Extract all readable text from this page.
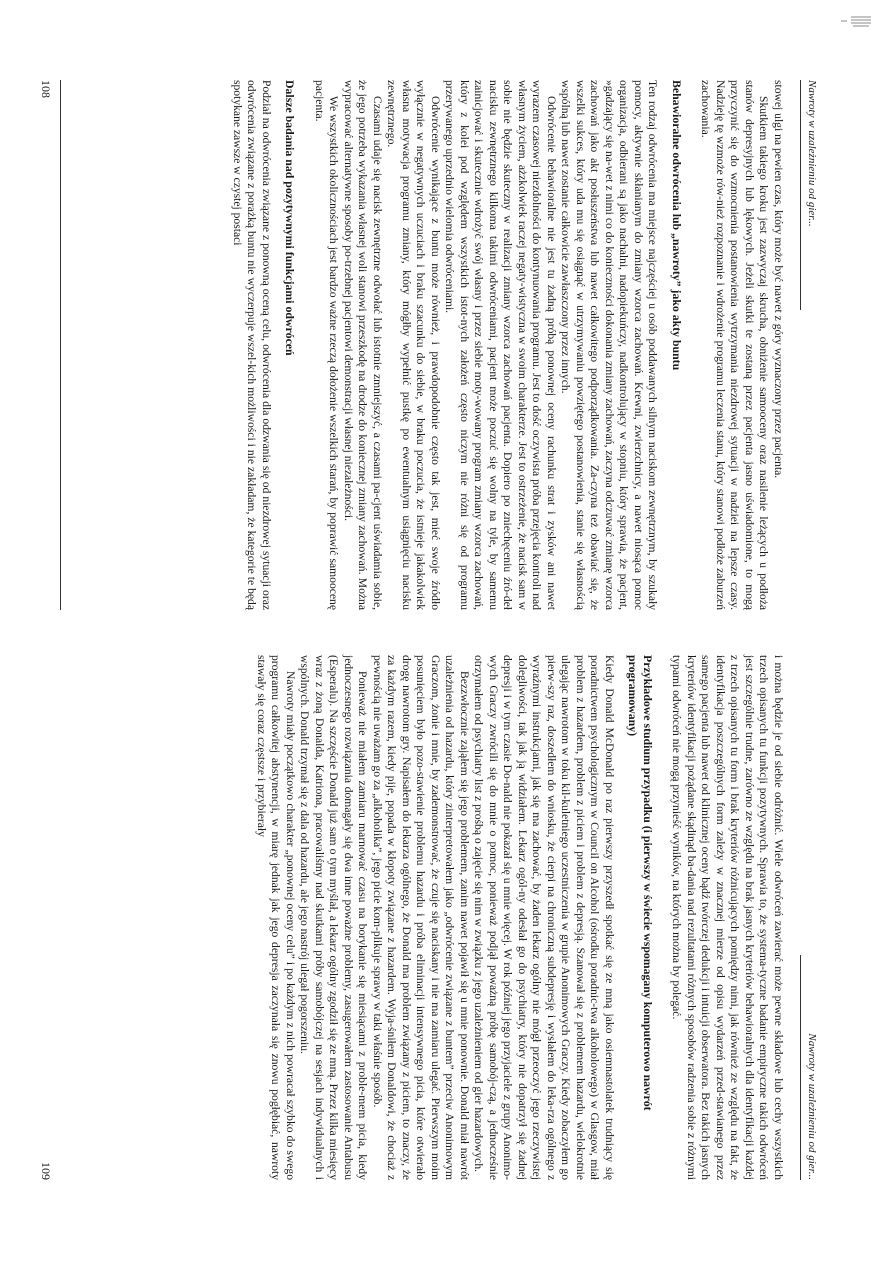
Nawroty w uzależnieniu od gier...

stowej ulgi na pewien czas, który może być nawet z góry wyznaczony przez pacjenta.

Skutkiem takiego kroku jest zazwyczaj skrucha, obniżenie samooceny oraz nasilenie leżących u podłoża stanów depresyjnych lub lękowych. Jeżeli skutki te zostaną przez pacjenta jasno uświadomione, to mogą przyczynić się do wzmocnienia postanowienia wytrzymania niezdrowej sytuacji w nadziei na lepsze czasy. Nadzieję tę wzmoże rów-nież rozpoznanie i wdrożenie programu leczenia stanu, który stanowi podłoże zaburzeń zachowania.

Behawioralne odwrócenia lub „nawroty” jako akty buntu

Ten rodzaj odwrócenia ma miejsce najczęściej u osób poddawanych silnym naciskom zewnętrznym, by szukały pomocy, aktywnie skłanianym do zmiany wzorca zachowań. Krewni, zwierzchnicy, a nawet niosąca pomoc organizacja, odbierani są jako nachalni, nadopiekuńczy, nadkontrolujący w stopniu, który sprawia, że pacjent, »gadzający się na-wet z nimi co do konieczności dokonania zmiany zachowań, zaczyna odczuwać zmianę wzorca zachowań jako akt posłuszeństwa lub nawet całkowitego podporządkowania. Za-czyna też obawiać się, że wszelki sukces, który uda mu się osiągnąć w utrzymywaniu powziętego postanowienia, stanie się własnością wspólną lub nawet zostanie całkowicie zawłaszczony przez innych.

Odwrócenie behawioralne nie jest tu żadną próbą ponownej oceny rachunku strat i zysków ani nawet wyrazem czasowej niezdolności do kontynuowania programu. Jest to dość oczywista próba przejęcia kontroli nad własnym życiem, ażzkolwiek raczej negaty-wistyczna w swoim charakterze. Jest to ostrzeżenie, że nacisk sam w sobie nie będzie skuteczny w realizacji zmiany wzorca zachowań pacjenta. Dopiero po zniechęceniu źró-deł nacisku zewnętrznego kilkoma takimi odwróceniami, pacjent może poczuć się wolny na tyle, by samemu zainicjować i skutecznie wdrożyć swój własny i przez siebie moty-wowany program zmiany wzorca zachowań, który z kolei pod względem wszystkich istot-nych założeń często niczym nie różni się od programu przerywanego uprzednio wielomia odwróceniami.

Odwrócenie wynikające z buntu może również, i prawdopodobnie często tak jest, mieć swoje źródło wyłącznie w negatywnych uczuciach i braku szacunku do siebie, w braku poczucia, że istnieje jakakolwiek własna motywacja programu zmiany, który mógłby wypełnić pustkę po ewentualnym usiągnięciu nacisku zewnętrznego.

Czasami udaje się nacisk zewnętrzne odwołać lub istotnie zmniejszyć, a czasami pa-cjent uświadamia sobie, że jego potrzeba wykazania własnej woli stanowi przeszkodę na drodze do koniecznej zmiany zachowań. Można wypracować alternatywne sposoby po-trzebnej pacjentowi demonstracji własnej niezależności.

We wszystkich okolicznościach jest bardzo ważne rzeczą dołożenie wszelkich starań, by poprawić samoocenę pacjenta.

Dalsze badania nad pozytywnymi funkcjami odwróceń

Podział na odwrócenia związane z ponowną oceną celu, odwrócenia dla odzwania się od niezdrowej sytuacji oraz odwrócenia związane z porażką buntu nie wyczerpuje wszel-kich możliwości i nie zakładam, że kategorie te będą spotykane zawsze w czystej postaci

108
Nawroty w uzależnieniu od gier...

i można będzie je od siebie odróżnić. Wiele odwróceń zawierać może pewne składowe lub cechy wszystkich trzech opisanych tu funkcji pozytywnych. Sprawia to, że systema-tyczne badanie empiryczne takich odwróceń jest szczególnie trudne, zarówno ze względu na brak jasnych kryteriów behawioralnych dla identyfikacji każdej z trzech opisanych tu form i brak kryteriów różnicujących pomiędzy nimi, jak również ze względu na fakt, że identyfikacja poszczególnych form zależy w znacznej mierze od opisu wydarzeń przed-stawianego przez samego pacjenta lub nawet od klinicznej oceny bądź twórczej dedukcji i intuicji obserwatora. Bez takich jasnych kryteriów identyfikacji pożądane skądinąd ba-dania nad rezultatami różnych sposobów radzenia sobie z różnymi typami odwróceń nie mogą przynieść wyników, na których można by polegać.

Przykładowe studium przypadku (i pierwszy w świecie wspomagany komputerowo nawrót programowany)

Kiedy Donald McDonald po raz pierwszy przyszedł spotkać się ze mną jako osiemnastolatek trudniący się poradnictwem psychologicznym w Council on Alcohol (ośrodku poradnic-twa alkoholowego) w Glasgow, miał problem z hazardem, problem z piciem i problem z depresją. Szanował się z problemem hazardu, wielokrotnie ulegając nawrotom w toku kil-kuletniego uczestniczenia w grupie Anonimowych Graczy. Kiedy zobaczyłem go pierw-szy raz, doszedłem do wniosku, że cierpi na chroniczną subdepresję i wysłałem do leka-rza ogólnego z wyraźnymi instrukcjami, jak się ma zachować, by żaden lekarz ogólny nie mógł przeoczyć jego rzeczywistej dolegliwości, tak jak ją widziałem. Lekarz ogól-ny odesłał go do psychiatry, który nie dopatrzył się żadnej depresji i w tym czasie Do-nald nie pokazał się u mnie więcej. W rok później jego przyjaciele z grupy Anonimo-wych Graczy zwrócili się do mnie o pomoc, ponieważ podjął poważną próbę samobój-czą, a jednocześnie otrzymałem od psychiatry list z prośbą o zajęcie się nim w związku z jego uzależnieniem od gier hazardowych.

Bezzwłocznie zająłem się jego problemem, zanim nawet pojawił się u mnie ponownie. Donald miał nawrót uzależnienia od hazardu, który zinterpretowałem jako „odwrócenie związane z buntem” przeciw Anonimowym Graczom, żonie i mnie, by zademonstrować, że czuje się naciskany i nie ma zamiaru ulegać. Pierwszym moim posunięciem było pozo-stawienie problemu hazardu i próba eliminacji intensywnego picia, które otwierało drogę nawrotom gry. Napisałem do lekarza ogólnego, że Donald ma problem związany z piciem, to znaczy, że za każdym razem, kiedy pije, popada w kłopoty związane z hazardem. Wyja-śniłem Donaldowi, że chociaż z pewnością nie uważam go za „alkoholika”, jego picie kom-plikuje sprawy w taki właśnie sposób.

Ponieważ nie miałem zamiaru marnować czasu na borykanie się miesiącami z proble-mem picia, kiedy jednoczesnego rozwiązania domagały się dwa inne poważne problemy, zasugerowałem zastosowanie Antabusu (Esperalu). Na szczęście Donald już sam o tym myślał, a lekarz ogólny zgodził się ze mną. Przez kilka miesięcy wraz z żoną Donalda, Katriona, pracowaliśmy nad skutkami próby samobójczej na sesjach indywidualnych i wspólnych. Donald trzymał się z dala od hazardu, ale jego nastrój ulegał pogorszeniu.

Nawroty miały początkowo charakter „ponownej oceny celu” i po każdym z nich powracał szybko do swego programu całkowitej abstynencji, w miarę jednak jak jego depresja zaczynała się znowu pogłębiać, nawroty stawały się coraz częstsze i przybierały

109
